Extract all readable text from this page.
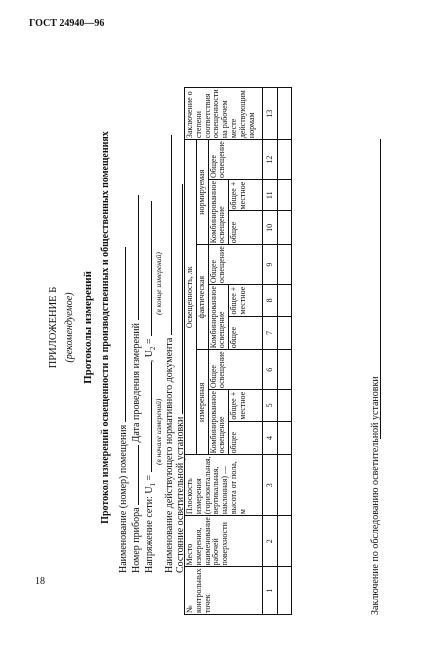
ГОСТ 24940—96
18
ПРИЛОЖЕНИЕ Б (рекомендуемое) Протоколы измерений Протокол измерений освещенности в производственных и общественных помещениях Наименование (номер) помещения Номер прибора  Дата проведения измерений
Напряжение сети: $U_1$ = , $U_2$ =
(в начале измерений)
(в конце измерений)
Наименование действующего нормативного документа Состояние осветительной установки
№ контрольных точек	Место измерения, наименование рабочей поверхности	Плоскость измерения (горизонтальная, вертикальная, наклонная) — высота от пола, м	Освещенность, лк									Заключение о степени соответствия освещенности на рабочем месте действующим нормам
			измеренная			фактическая			нормируемая			
			Комбинированное освещение		Общее освещение	Комбинированное освещение		Общее освещение	Комбинированное освещение		Общее освещение	
			общее	общее + местное		общее	общее + местное		общее	общее + местное		
1	2	3	4	5	6	7	8	9	10	11	12	13

Заключение по обследованию осветительной установки
